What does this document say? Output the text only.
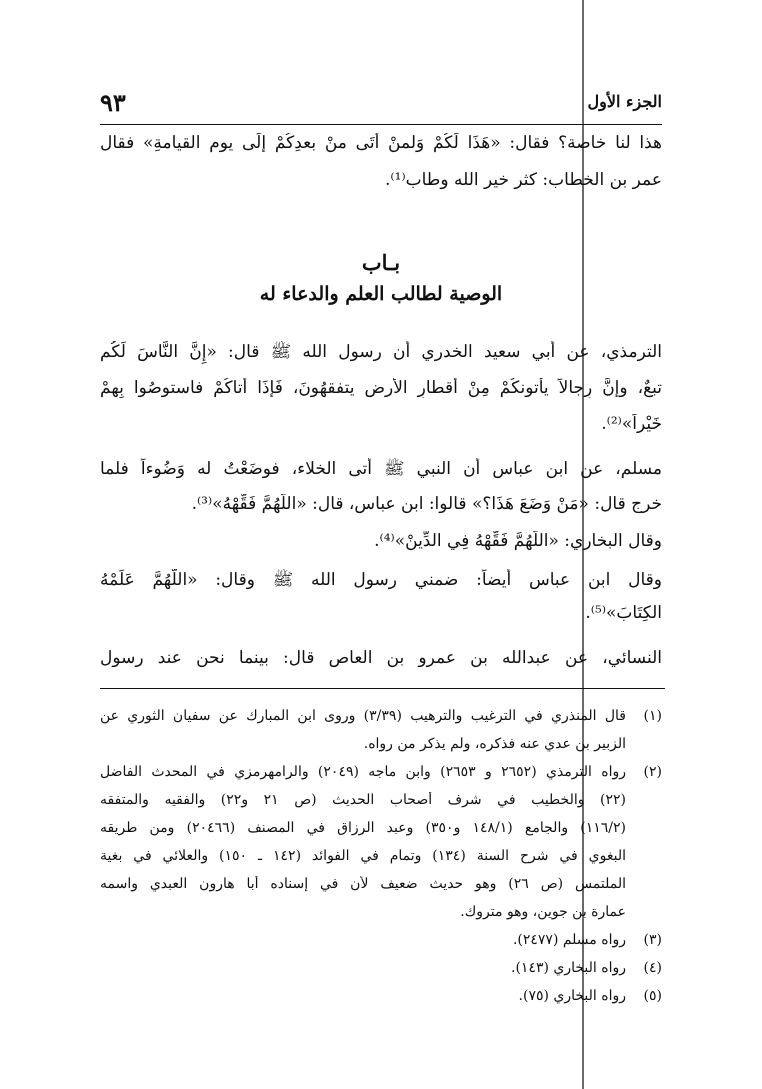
الجزء الأول
٩٣
هذا لنا خاصة؟ فقال: «هَذَا لَكُمْ وَلمنْ أَتَى منْ بعدِكُمْ إِلَى يوم القيامةِ» فقال
عمر بن الخطاب: كثر خير الله وطاب⁽¹⁾.
بـاب
الوصية لطالب العلم والدعاء له
الترمذي، عن أبي سعيد الخدري أن رسول الله ﷺ قال: «إِنَّ النَّاسَ لَكُم
تبعٌ، وإنَّ رِجالاً يأتونكُمْ مِنْ أقطارِ الأَرضِ يتفقهُونَ، فَإِذَا أتاكُمْ فاستوصُوا بِهِمْ
خَيْراً»⁽²⁾.
مسلم، عن ابن عباس أن النبي ﷺ أتى الخلاء، فوضَعْتُ له وَضُوءاً فلما
خرج قال: «مَنْ وَضَعَ هَذَا؟» قالوا: ابن عباس، قال: «اللَّهُمَّ فَقِّهْهُ»⁽³⁾.
وقال البخاري: «اللَّهُمَّ فَقِّهْهُ فِي الدِّينْ»⁽⁴⁾.
وقال ابن عباس أيضاً: ضمني رسول الله ﷺ وقال: «اللَّهُمَّ عَلِّمْهُ
الكِتَابَ»⁽⁵⁾.
النسائي، عن عبدالله بن عمرو بن العاص قال: بينما نحن عند رسول
(١)
قال المنذري في الترغيب والترهيب (٣/٣٩) وروى ابن المبارك عن سفيان الثوري عن
الزبير بن عدي عنه فذكره، ولم يذكر من رواه.
(٢)
رواه الترمذي (٢٦٥٢ و ٢٦٥٣) وابن ماجه (٢٠٤٩) والرامهرمزي في المحدث الفاضل
(٢٢) والخطيب في شرف أصحاب الحديث (ص ٢١ و٢٢) والفقيه والمتفقه
(١١٦/٢) والجامع (١٤٨/١ و٣٥٠) وعبد الرزاق في المصنف (٢٠٤٦٦) ومن طريقه
البغوي في شرح السنة (١٣٤) وتمام في الفوائد (١٤٢ ـ ١٥٠) والعلائي في بغية
الملتمس (ص ٢٦) وهو حديث ضعيف لأن في إسناده أبا هارون العبدي واسمه
عمارة بن جوين، وهو متروك.
(٣)
رواه مسلم (٢٤٧٧).
(٤)
رواه البخاري (١٤٣).
(٥)
رواه البخاري (٧٥).
